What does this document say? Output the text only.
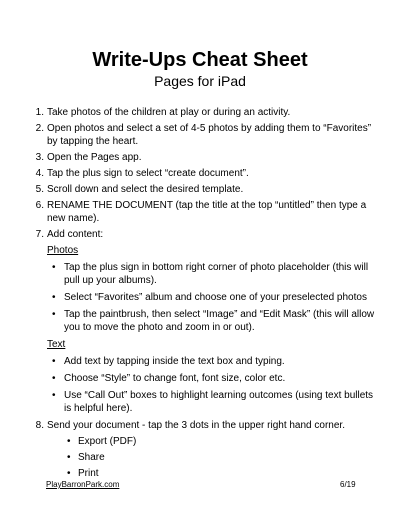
Write-Ups Cheat Sheet
Pages for iPad
1. Take photos of the children at play or during an activity.
2. Open photos and select a set of 4-5 photos by adding them to “Favorites” by tapping the heart.
3. Open the Pages app.
4. Tap the plus sign to select “create document”.
5. Scroll down and select the desired template.
6. RENAME THE DOCUMENT (tap the title at the top “untitled” then type a new name).
7. Add content:
Photos
• Tap the plus sign in bottom right corner of photo placeholder (this will pull up your albums).
• Select “Favorites” album and choose one of your preselected photos
• Tap the paintbrush, then select “Image” and “Edit Mask” (this will allow you to move the photo and zoom in or out).
Text
• Add text by tapping inside the text box and typing.
• Choose “Style” to change font, font size, color etc.
• Use “Call Out” boxes to highlight learning outcomes (using text bullets is helpful here).
8. Send your document - tap the 3 dots in the upper right hand corner.
• Export (PDF)
• Share
• Print
PlayBarronPark.com	6/19
